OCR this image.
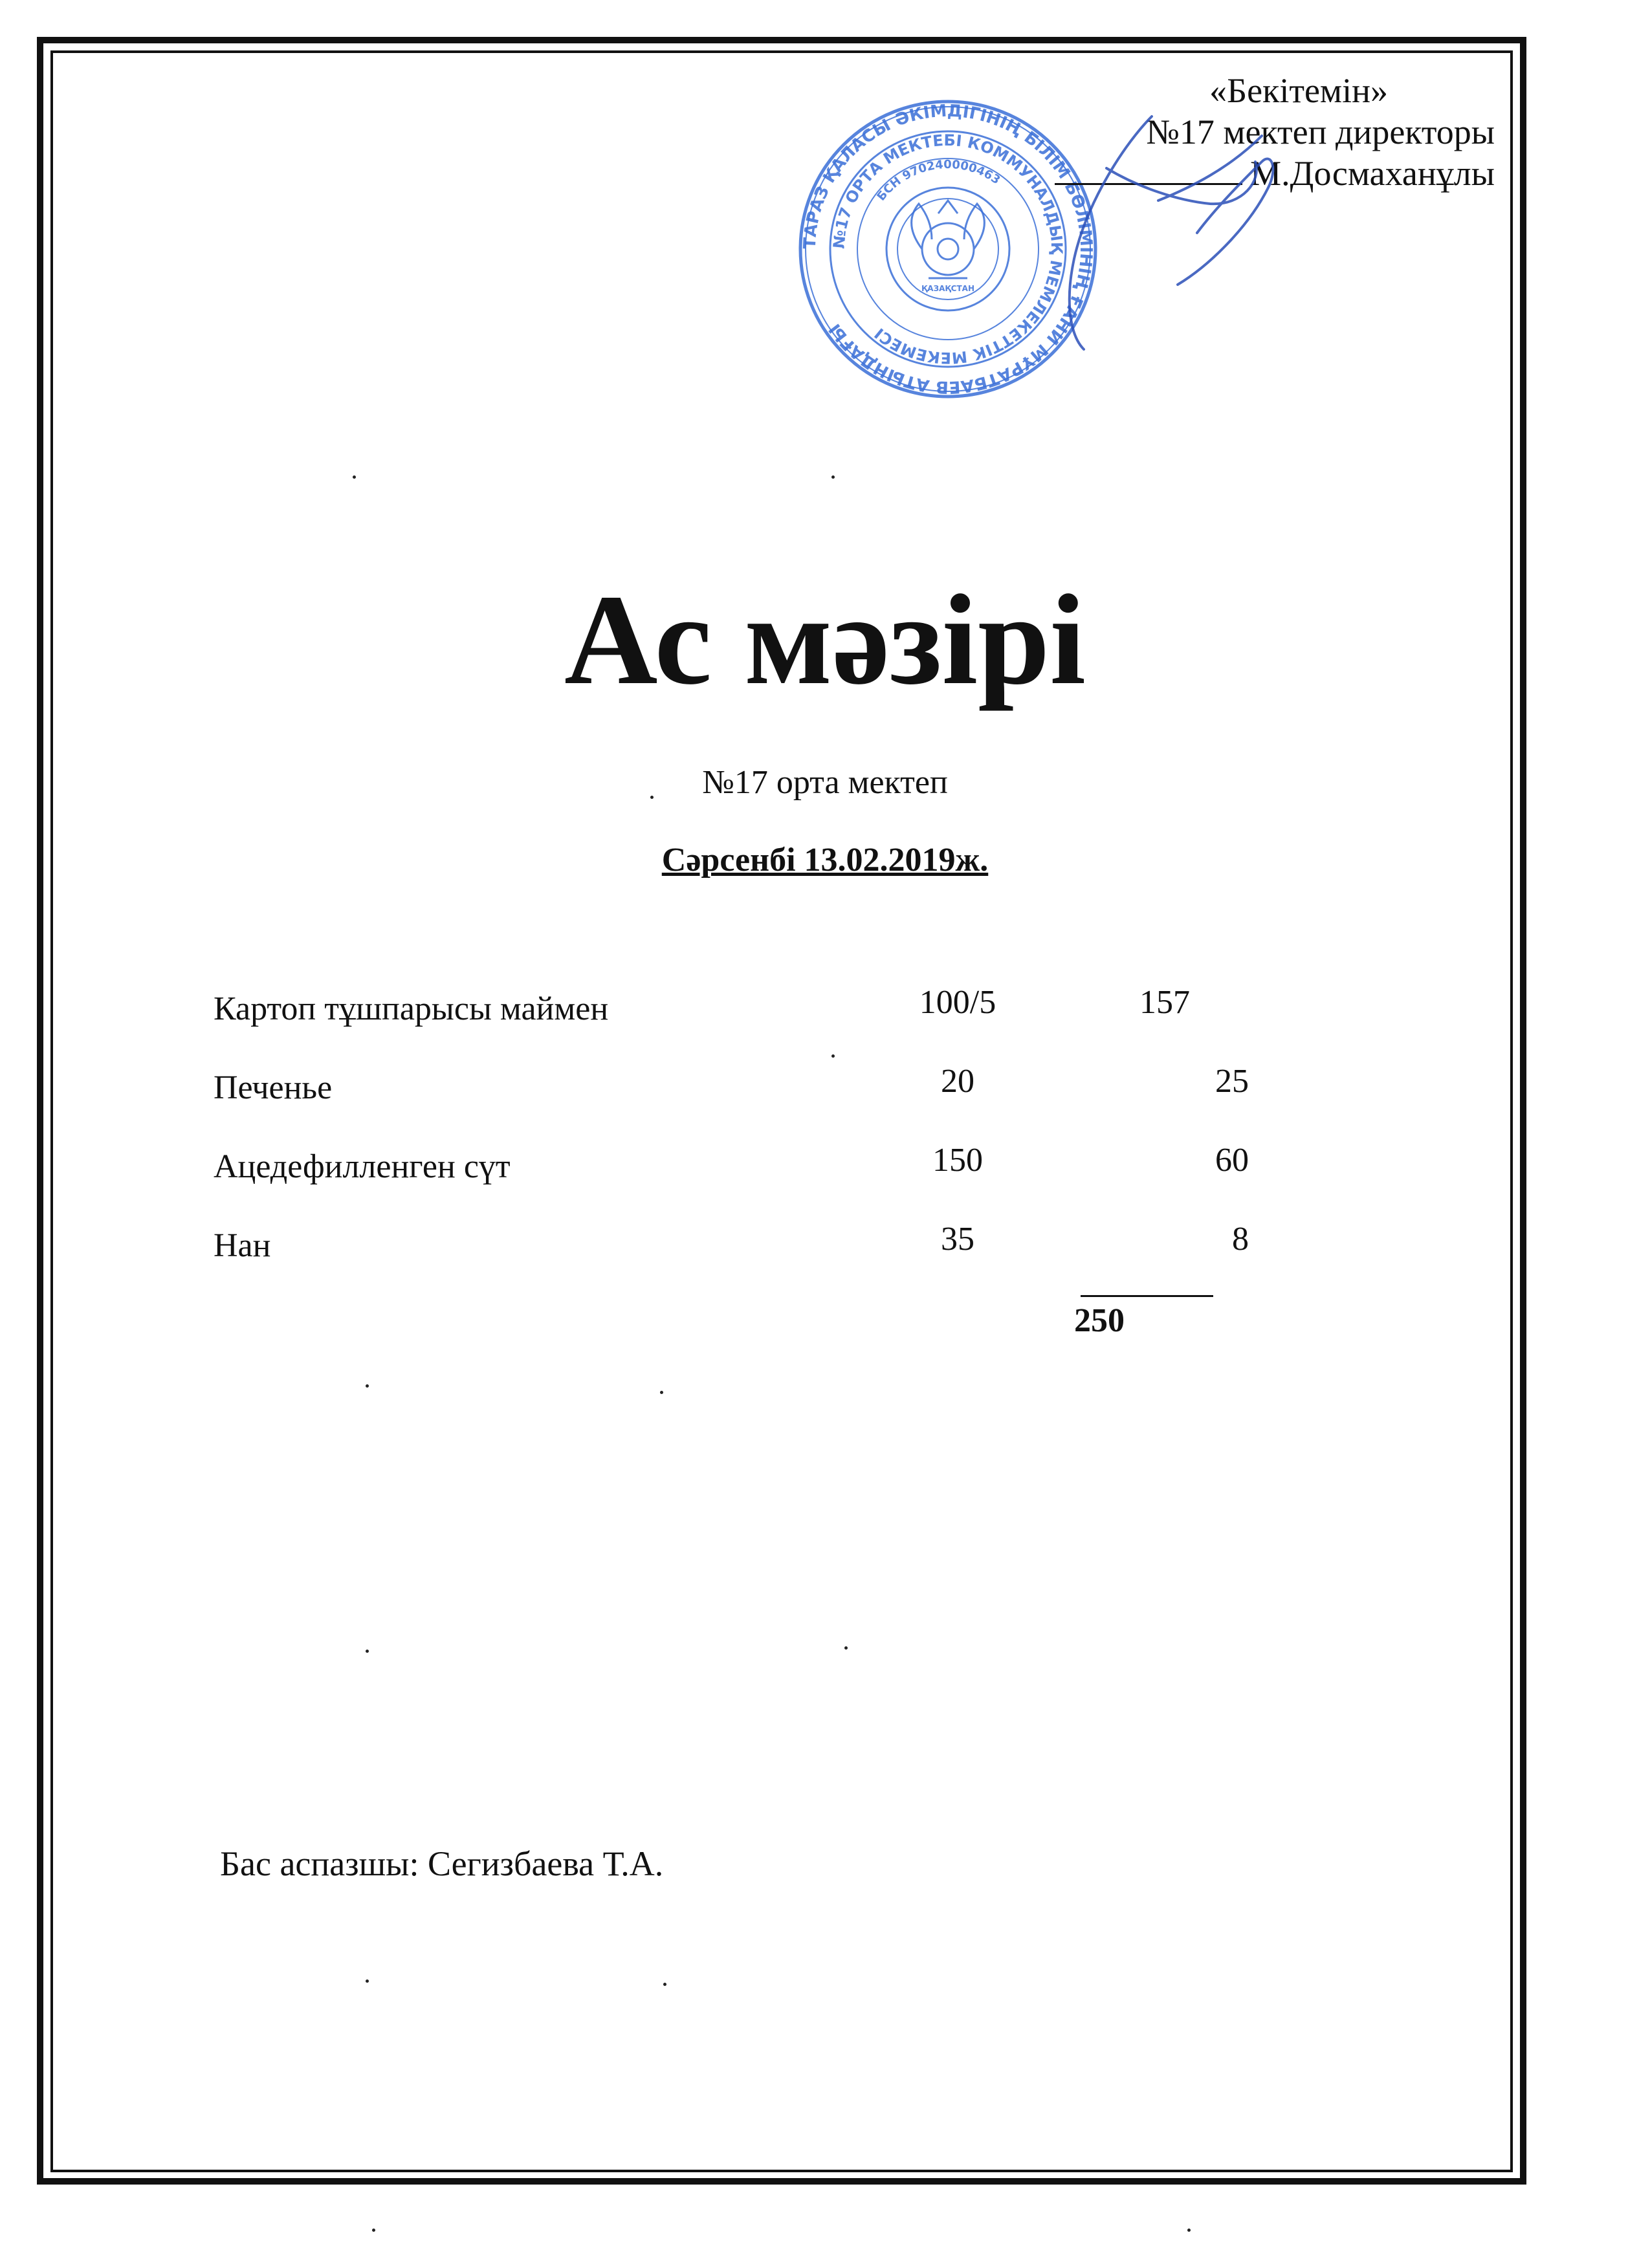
ТАРАЗ ҚАЛАСЫ ӘКІМДІГІНІҢ БІЛІМ БӨЛІМІНІҢ ҒАНИ МҰРАТБАЕВ АТЫНДАҒЫ
№17 ОРТА МЕКТЕБІ КОММУНАЛДЫҚ МЕМЛЕКЕТТІК МЕКЕМЕСІ
БСН 970240000463
ҚАЗАҚСТАН
«Бекітемін»
№17 мектеп директоры
М.Досмаханұлы
Ас мәзірі
№17 орта мектеп
Сәрсенбі 13.02.2019ж.
Картоп тұшпарысы маймен	100/5	157
Печенье	20	25
Ацедефилленген сүт	150	60
Нан	35	8
250
Бас аспазшы: Сегизбаева Т.А.
